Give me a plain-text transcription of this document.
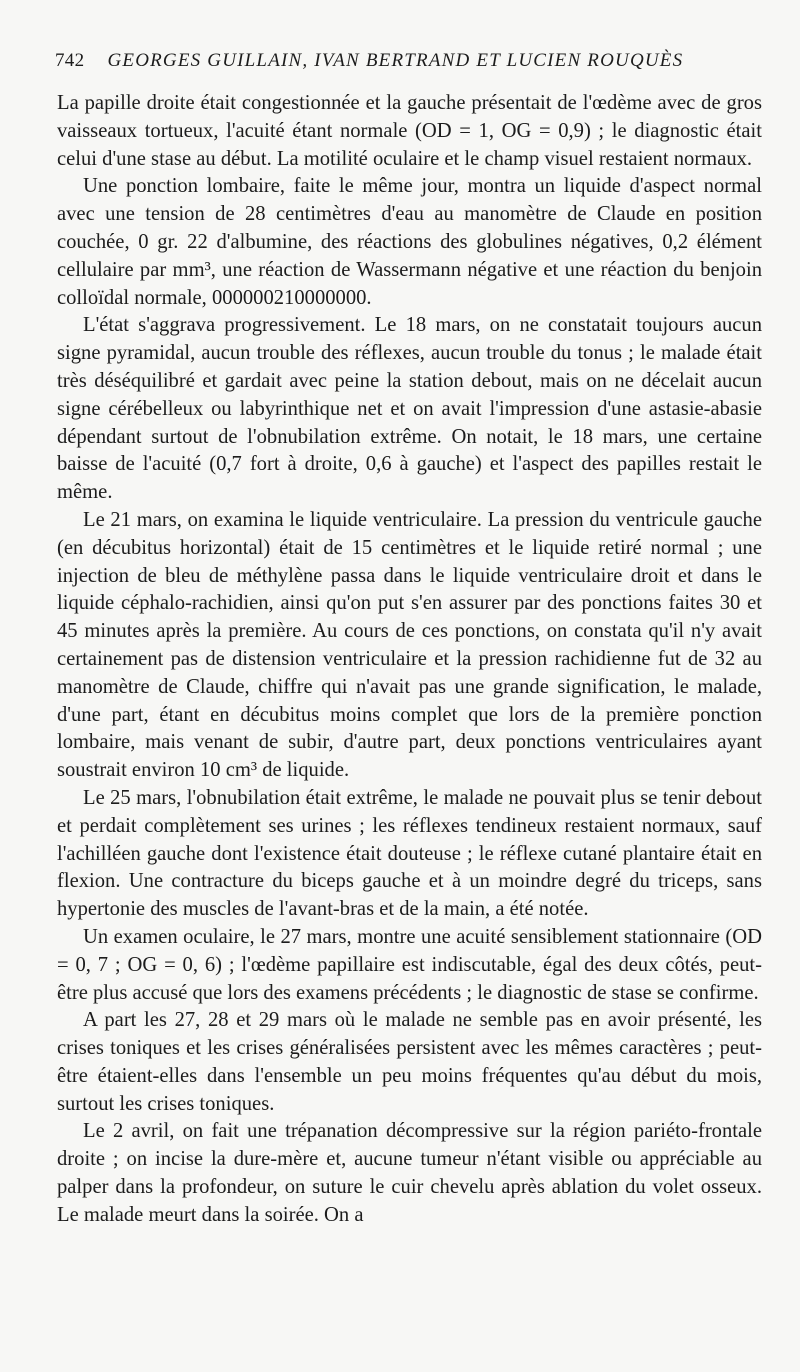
742 GEORGES GUILLAIN, IVAN BERTRAND ET LUCIEN ROUQUÈS

La papille droite était congestionnée et la gauche présentait de l'œdème avec de gros vaisseaux tortueux, l'acuité étant normale (OD = 1, OG = 0,9) ; le diagnostic était celui d'une stase au début. La motilité oculaire et le champ visuel restaient normaux.

Une ponction lombaire, faite le même jour, montra un liquide d'aspect normal avec une tension de 28 centimètres d'eau au manomètre de Claude en position couchée, 0 gr. 22 d'albumine, des réactions des globulines négatives, 0,2 élément cellulaire par mm³, une réaction de Wassermann négative et une réaction du benjoin colloïdal normale, 000000210000000.

L'état s'aggrava progressivement. Le 18 mars, on ne constatait toujours aucun signe pyramidal, aucun trouble des réflexes, aucun trouble du tonus ; le malade était très déséquilibré et gardait avec peine la station debout, mais on ne décelait aucun signe cérébelleux ou labyrinthique net et on avait l'impression d'une astasie-abasie dépendant surtout de l'obnubilation extrême. On notait, le 18 mars, une certaine baisse de l'acuité (0,7 fort à droite, 0,6 à gauche) et l'aspect des papilles restait le même.

Le 21 mars, on examina le liquide ventriculaire. La pression du ventricule gauche (en décubitus horizontal) était de 15 centimètres et le liquide retiré normal ; une injection de bleu de méthylène passa dans le liquide ventriculaire droit et dans le liquide céphalo-rachidien, ainsi qu'on put s'en assurer par des ponctions faites 30 et 45 minutes après la première. Au cours de ces ponctions, on constata qu'il n'y avait certainement pas de distension ventriculaire et la pression rachidienne fut de 32 au manomètre de Claude, chiffre qui n'avait pas une grande signification, le malade, d'une part, étant en décubitus moins complet que lors de la première ponction lombaire, mais venant de subir, d'autre part, deux ponctions ventriculaires ayant soustrait environ 10 cm³ de liquide.

Le 25 mars, l'obnubilation était extrême, le malade ne pouvait plus se tenir debout et perdait complètement ses urines ; les réflexes tendineux restaient normaux, sauf l'achilléen gauche dont l'existence était douteuse ; le réflexe cutané plantaire était en flexion. Une contracture du biceps gauche et à un moindre degré du triceps, sans hypertonie des muscles de l'avant-bras et de la main, a été notée.

Un examen oculaire, le 27 mars, montre une acuité sensiblement stationnaire (OD = 0, 7 ; OG = 0, 6) ; l'œdème papillaire est indiscutable, égal des deux côtés, peut-être plus accusé que lors des examens précédents ; le diagnostic de stase se confirme.

A part les 27, 28 et 29 mars où le malade ne semble pas en avoir présenté, les crises toniques et les crises généralisées persistent avec les mêmes caractères ; peut-être étaient-elles dans l'ensemble un peu moins fréquentes qu'au début du mois, surtout les crises toniques.

Le 2 avril, on fait une trépanation décompressive sur la région pariéto-frontale droite ; on incise la dure-mère et, aucune tumeur n'étant visible ou appréciable au palper dans la profondeur, on suture le cuir chevelu après ablation du volet osseux. Le malade meurt dans la soirée. On a
